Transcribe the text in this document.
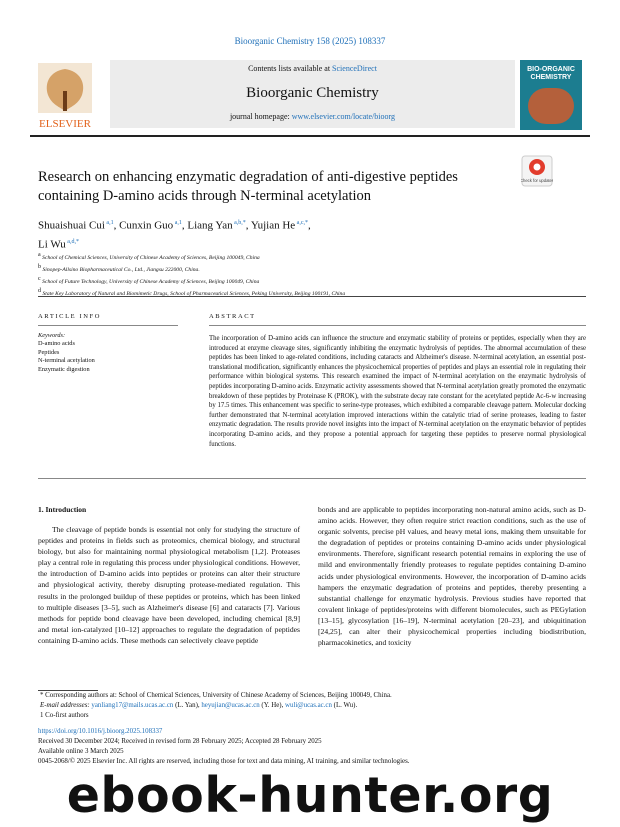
Bioorganic Chemistry 158 (2025) 108337
ELSEVIER
Contents lists available at ScienceDirect
Bioorganic Chemistry
journal homepage: www.elsevier.com/locate/bioorg
BIO-ORGANIC CHEMISTRY
Research on enhancing enzymatic degradation of anti-digestive peptides containing D-amino acids through N-terminal acetylation
Check for updates
Shuaishuai Cui $^{a,1}$, Cunxin Guo $^{a,1}$, Liang Yan $^{a,b,*}$, Yujian He $^{a,c,*}$,
Li Wu $^{a,d,*}$
$^a$ School of Chemical Sciences, University of Chinese Academy of Sciences, Beijing 100049, China
$^b$ Sinopep-Allsino Biopharmaceutical Co., Ltd., Jiangsu 222000, China.
$^c$ School of Future Technology, University of Chinese Academy of Sciences, Beijing 100049, China
$^d$ State Key Laboratory of Natural and Biomimetic Drugs, School of Pharmaceutical Sciences, Peking University, Beijing 100191, China
ARTICLE INFO	ABSTRACT
Keywords:
D-amino acids
Peptides
N-terminal acetylation
Enzymatic digestion
The incorporation of D-amino acids can influence the structure and enzymatic stability of proteins or peptides, especially when they are introduced at enzyme cleavage sites, significantly inhibiting the enzymatic hydrolysis of peptides. The abnormal accumulation of these peptides has been linked to age-related conditions, including cataracts and Alzheimer's disease. N-terminal acetylation, an essential post-translational modification, significantly enhances the physicochemical properties of peptides and plays an essential role in regulating their performance within biological systems. This research examined the impact of N-terminal acetylation on the enzymatic hydrolysis of peptides incorporating D-amino acids. Enzymatic activity assessments showed that N-terminal acetylation greatly promoted the enzymatic breakdown of these peptides by Proteinase K (PROK), with the substrate decay rate constant for the acetylated peptide Ac-6-w increasing by 17.5 times. This enhancement was specific to serine-type proteases, which exhibited a comparable cleavage pattern. Molecular docking further demonstrated that N-terminal acetylation improved interactions within the catalytic triad of serine proteases, leading to faster enzymatic degradation. The results provide novel insights into the impact of N-terminal acetylation on the enzymatic behavior of peptides incorporating D-amino acids, and they propose a potential approach for targeting these peptides to preserve normal physiological functions.
1. Introduction

The cleavage of peptide bonds is essential not only for studying the structure of peptides and proteins in fields such as proteomics, chemical biology, and structural biology, but also for maintaining normal physiological metabolism [1,2]. Proteases play a central role in regulating this process under physiological conditions. However, the introduction of D-amino acids into peptides or proteins can alter their structure and physiological activity, thereby disrupting protease-mediated regulation. This results in the prolonged buildup of these peptides or proteins, which has been linked to multiple diseases [3–5], such as Alzheimer's disease [6] and cataracts [7]. Various methods for peptide bond cleavage have been developed, including chemical [8,9] and metal ion-catalyzed [10–12] approaches to regulate the degradation of peptides containing D-amino acids. These methods can selectively cleave peptide

bonds and are applicable to peptides incorporating non-natural amino acids, such as D-amino acids. However, they often require strict reaction conditions, such as the use of organic solvents, precise pH values, and heavy metal ions, making them unsuitable for the degradation of peptides or proteins containing D-amino acids under physiological environments. Therefore, significant research potential remains in exploring the use of mild and environmentally friendly proteases to regulate peptides containing D-amino acids under physiological environments. However, the incorporation of D-amino acids hampers the enzymatic degradation of proteins and peptides, thereby presenting a substantial challenge for enzymatic hydrolysis. Previous studies have reported that covalent linkage of peptides/proteins with different biomolecules, such as PEGylation [13–15], glycosylation [16–19], N-terminal acetylation [20–23], and ubiquitination [24,25], can alter their physicochemical properties including biodistribution, pharmacokinetics, and toxicity

* Corresponding authors at: School of Chemical Sciences, University of Chinese Academy of Sciences, Beijing 100049, China.
E-mail addresses: yanliang17@mails.ucas.ac.cn (L. Yan), heyujian@ucas.ac.cn (Y. He), wuli@ucas.ac.cn (L. Wu).
1 Co-first authors
https://doi.org/10.1016/j.bioorg.2025.108337
Received 30 December 2024; Received in revised form 28 February 2025; Accepted 28 February 2025
Available online 3 March 2025
0045-2068/© 2025 Elsevier Inc. All rights are reserved, including those for text and data mining, AI training, and similar technologies.
ebook-hunter.org
